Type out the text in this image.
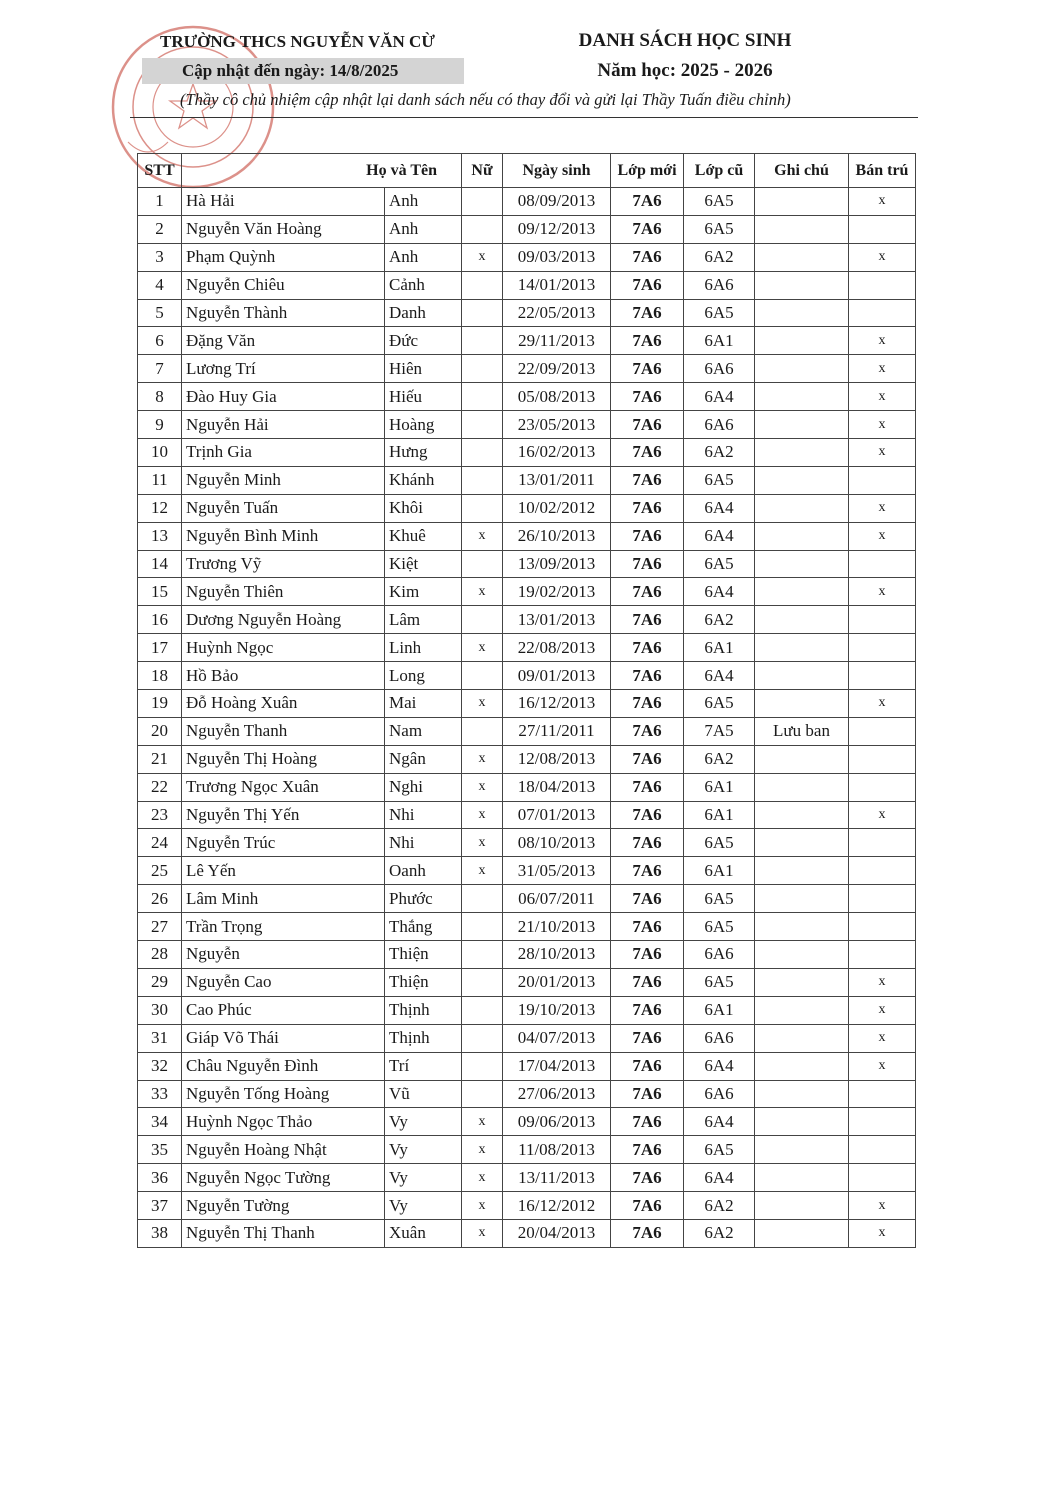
TRƯỜNG THCS NGUYỄN VĂN CỪ
Cập nhật đến ngày: 14/8/2025
DANH SÁCH HỌC SINH
Năm học: 2025 - 2026
(Thầy cô chủ nhiệm cập nhật lại danh sách nếu có thay đổi và gửi lại Thầy Tuấn điều chỉnh)
STT	Họ và Tên		Nữ	Ngày sinh	Lớp mới	Lớp cũ	Ghi chú	Bán trú
1	Hà Hải	Anh		08/09/2013	7A6	6A5		x
2	Nguyễn Văn Hoàng	Anh		09/12/2013	7A6	6A5		
3	Phạm Quỳnh	Anh	x	09/03/2013	7A6	6A2		x
4	Nguyễn Chiêu	Cảnh		14/01/2013	7A6	6A6		
5	Nguyễn Thành	Danh		22/05/2013	7A6	6A5		
6	Đặng Văn	Đức		29/11/2013	7A6	6A1		x
7	Lương Trí	Hiên		22/09/2013	7A6	6A6		x
8	Đào Huy Gia	Hiếu		05/08/2013	7A6	6A4		x
9	Nguyễn Hải	Hoàng		23/05/2013	7A6	6A6		x
10	Trịnh Gia	Hưng		16/02/2013	7A6	6A2		x
11	Nguyễn Minh	Khánh		13/01/2011	7A6	6A5		
12	Nguyễn Tuấn	Khôi		10/02/2012	7A6	6A4		x
13	Nguyễn Bình Minh	Khuê	x	26/10/2013	7A6	6A4		x
14	Trương Vỹ	Kiệt		13/09/2013	7A6	6A5		
15	Nguyễn Thiên	Kim	x	19/02/2013	7A6	6A4		x
16	Dương Nguyễn Hoàng	Lâm		13/01/2013	7A6	6A2		
17	Huỳnh Ngọc	Linh	x	22/08/2013	7A6	6A1		
18	Hồ Bảo	Long		09/01/2013	7A6	6A4		
19	Đỗ Hoàng Xuân	Mai	x	16/12/2013	7A6	6A5		x
20	Nguyễn Thanh	Nam		27/11/2011	7A6	7A5	Lưu ban	
21	Nguyễn Thị Hoàng	Ngân	x	12/08/2013	7A6	6A2		
22	Trương Ngọc Xuân	Nghi	x	18/04/2013	7A6	6A1		
23	Nguyễn Thị Yến	Nhi	x	07/01/2013	7A6	6A1		x
24	Nguyễn Trúc	Nhi	x	08/10/2013	7A6	6A5		
25	Lê Yến	Oanh	x	31/05/2013	7A6	6A1		
26	Lâm Minh	Phước		06/07/2011	7A6	6A5		
27	Trần Trọng	Thắng		21/10/2013	7A6	6A5		
28	Nguyễn	Thiện		28/10/2013	7A6	6A6		
29	Nguyễn Cao	Thiện		20/01/2013	7A6	6A5		x
30	Cao Phúc	Thịnh		19/10/2013	7A6	6A1		x
31	Giáp Võ Thái	Thịnh		04/07/2013	7A6	6A6		x
32	Châu Nguyễn Đình	Trí		17/04/2013	7A6	6A4		x
33	Nguyễn Tống Hoàng	Vũ		27/06/2013	7A6	6A6		
34	Huỳnh Ngọc Thảo	Vy	x	09/06/2013	7A6	6A4		
35	Nguyễn Hoàng Nhật	Vy	x	11/08/2013	7A6	6A5		
36	Nguyễn Ngọc Tường	Vy	x	13/11/2013	7A6	6A4		
37	Nguyễn Tường	Vy	x	16/12/2012	7A6	6A2		x
38	Nguyễn Thị Thanh	Xuân	x	20/04/2013	7A6	6A2		x
